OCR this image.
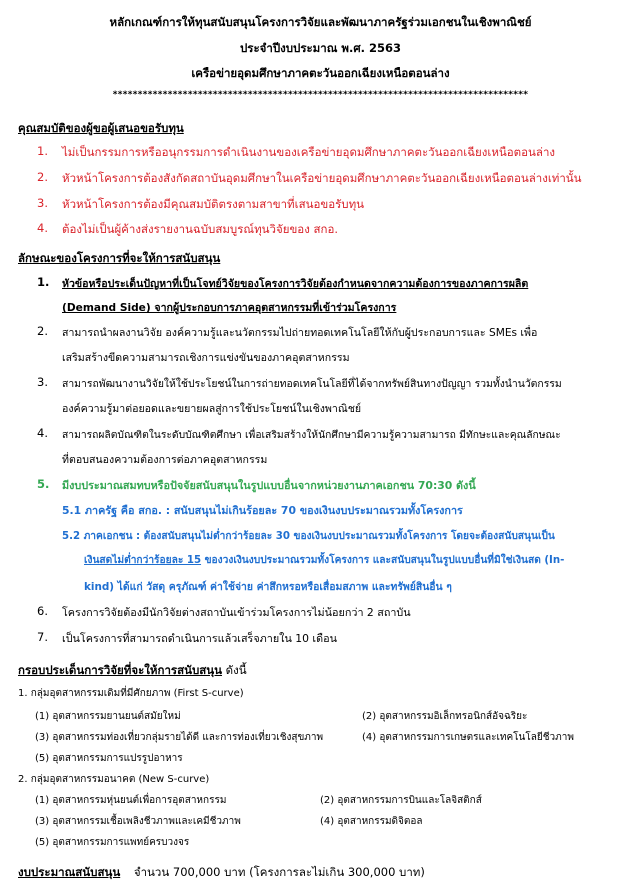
หลักเกณฑ์การให้ทุนสนับสนุนโครงการวิจัยและพัฒนาภาครัฐร่วมเอกชนในเชิงพาณิชย์
ประจำปีงบประมาณ พ.ศ. 2563
เครือข่ายอุดมศึกษาภาคตะวันออกเฉียงเหนือตอนล่าง
***********************************************************************************
คุณสมบัติของผู้ขอผู้เสนอขอรับทุน
1. ไม่เป็นกรรมการหรืออนุกรรมการดำเนินงานของเครือข่ายอุดมศึกษาภาคตะวันออกเฉียงเหนือตอนล่าง
2. หัวหน้าโครงการต้องสังกัดสถาบันอุดมศึกษาในเครือข่ายอุดมศึกษาภาคตะวันออกเฉียงเหนือตอนล่างเท่านั้น
3. หัวหน้าโครงการต้องมีคุณสมบัติตรงตามสาขาที่เสนอขอรับทุน
4. ต้องไม่เป็นผู้ค้างส่งรายงานฉบับสมบูรณ์ทุนวิจัยของ สกอ.
ลักษณะของโครงการที่จะให้การสนับสนุน
1. หัวข้อหรือประเด็นปัญหาที่เป็นโจทย์วิจัยของโครงการวิจัยต้องกำหนดจากความต้องการของภาคการผลิต
(Demand Side) จากผู้ประกอบการภาคอุตสาหกรรมที่เข้าร่วมโครงการ
2. สามารถนำผลงานวิจัย องค์ความรู้และนวัตกรรมไปถ่ายทอดเทคโนโลยีให้กับผู้ประกอบการและ SMEs เพื่อ
เสริมสร้างขีดความสามารถเชิงการแข่งขันของภาคอุตสาหกรรม
3. สามารถพัฒนางานวิจัยให้ใช้ประโยชน์ในการถ่ายทอดเทคโนโลยีที่ได้จากทรัพย์สินทางปัญญา รวมทั้งนำนวัตกรรม
องค์ความรู้มาต่อยอดและขยายผลสู่การใช้ประโยชน์ในเชิงพาณิชย์
4. สามารถผลิตบัณฑิตในระดับบัณฑิตศึกษา เพื่อเสริมสร้างให้นักศึกษามีความรู้ความสามารถ มีทักษะและคุณลักษณะ
ที่ตอบสนองความต้องการต่อภาคอุตสาหกรรม
5. มีงบประมาณสมทบหรือปัจจัยสนับสนุนในรูปแบบอื่นจากหน่วยงานภาคเอกชน 70:30 ดังนี้
5.1 ภาครัฐ คือ สกอ. : สนับสนุนไม่เกินร้อยละ 70 ของเงินงบประมาณรวมทั้งโครงการ
5.2 ภาคเอกชน : ต้องสนับสนุนไม่ต่ำกว่าร้อยละ 30 ของเงินงบประมาณรวมทั้งโครงการ โดยจะต้องสนับสนุนเป็น
เงินสดไม่ต่ำกว่าร้อยละ 15 ของวงเงินงบประมาณรวมทั้งโครงการ และสนับสนุนในรูปแบบอื่นที่มิใช่เงินสด (In-
kind) ได้แก่ วัสดุ ครุภัณฑ์ ค่าใช้จ่าย ค่าสึกหรอหรือเสื่อมสภาพ และทรัพย์สินอื่น ๆ
6. โครงการวิจัยต้องมีนักวิจัยต่างสถาบันเข้าร่วมโครงการไม่น้อยกว่า 2 สถาบัน
7. เป็นโครงการที่สามารถดำเนินการแล้วเสร็จภายใน 10 เดือน
กรอบประเด็นการวิจัยที่จะให้การสนับสนุน ดังนี้
1. กลุ่มอุตสาหกรรมเดิมที่มีศักยภาพ (First S-curve)
(1) อุตสาหกรรมยานยนต์สมัยใหม่	(2) อุตสาหกรรมอิเล็กทรอนิกส์อัจฉริยะ
(3) อุตสาหกรรมท่องเที่ยวกลุ่มรายได้ดี และการท่องเที่ยวเชิงสุขภาพ	(4) อุตสาหกรรมการเกษตรและเทคโนโลยีชีวภาพ
(5) อุตสาหกรรมการแปรรูปอาหาร
2. กลุ่มอุตสาหกรรมอนาคต (New S-curve)
(1) อุตสาหกรรมหุ่นยนต์เพื่อการอุตสาหกรรม	(2) อุตสาหกรรมการบินและโลจิสติกส์
(3) อุตสาหกรรมเชื้อเพลิงชีวภาพและเคมีชีวภาพ	(4) อุตสาหกรรมดิจิตอล
(5) อุตสาหกรรมการแพทย์ครบวงจร
งบประมาณสนับสนุน จำนวน 700,000 บาท (โครงการละไม่เกิน 300,000 บาท)
